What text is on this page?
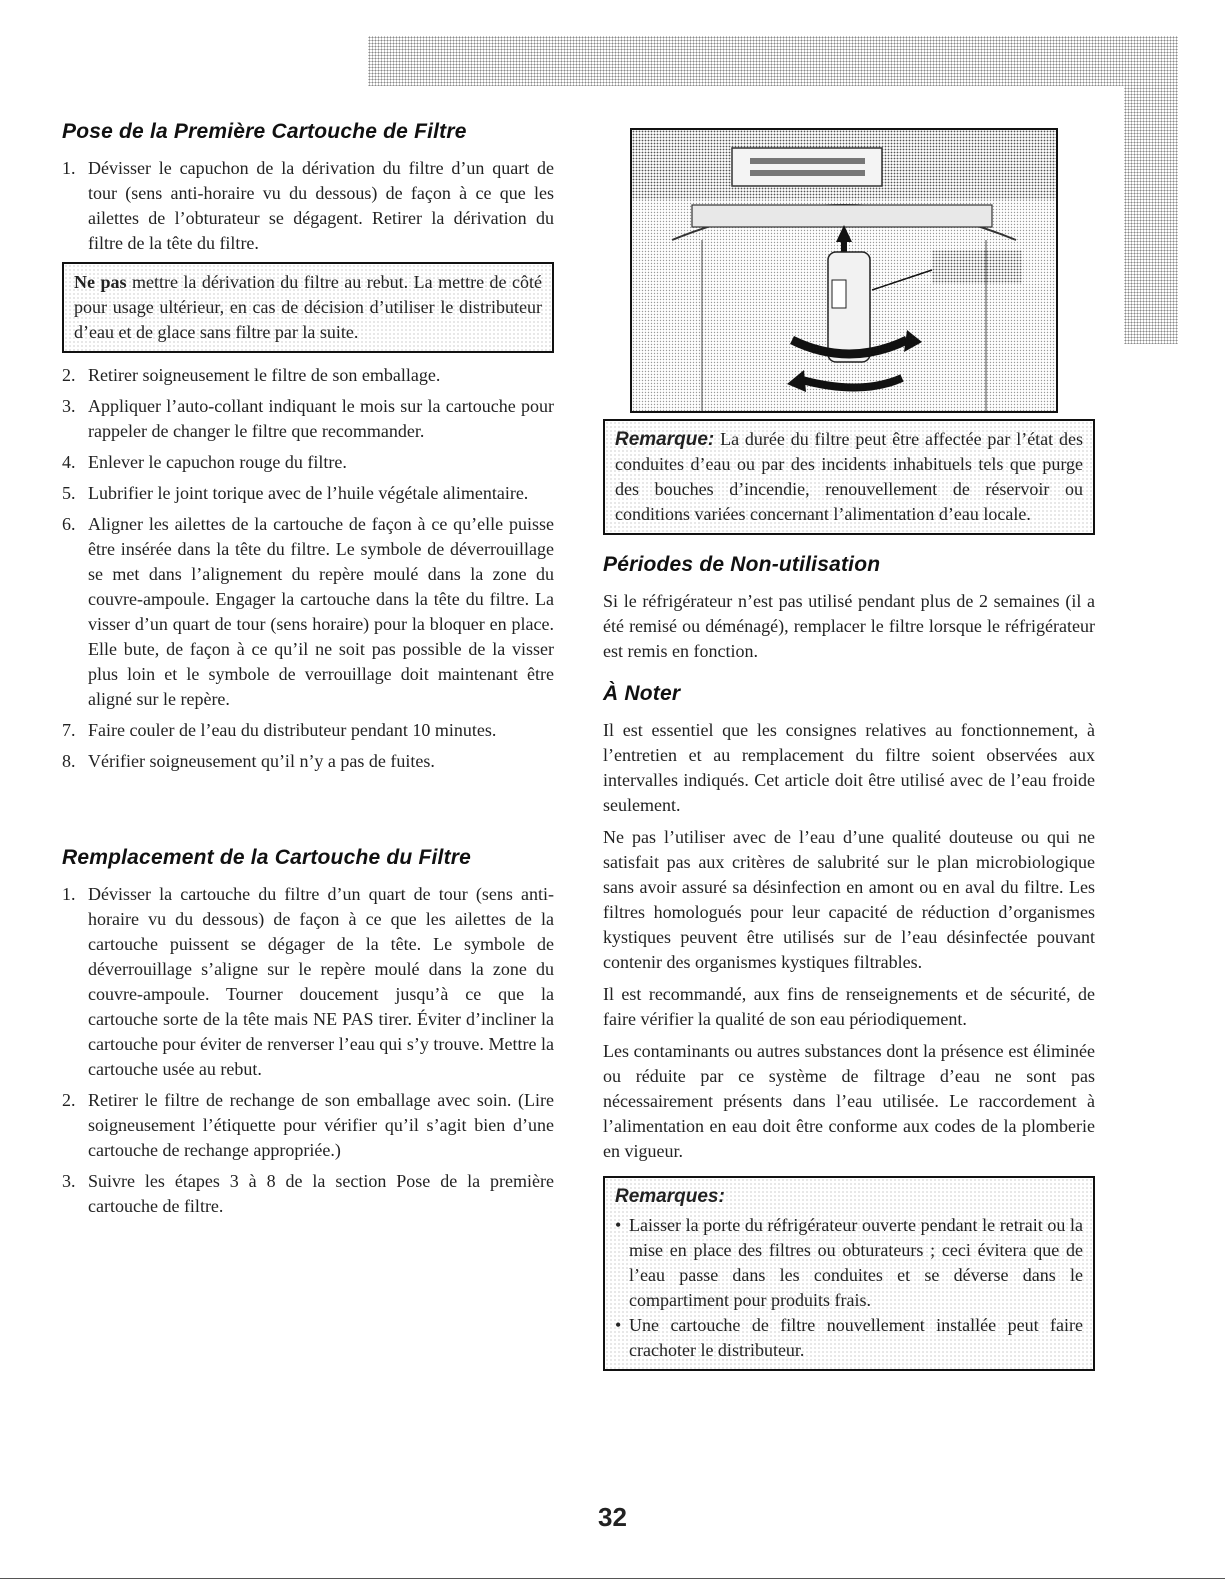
Pose de la Première Cartouche de Filtre
1. Dévisser le capuchon de la dérivation du filtre d’un quart de tour (sens anti-horaire vu du dessous) de façon à ce que les ailettes de l’obturateur se dégagent. Retirer la dérivation du filtre de la tête du filtre.
Ne pas mettre la dérivation du filtre au rebut. La mettre de côté pour usage ultérieur, en cas de décision d’utiliser le distributeur d’eau et de glace sans filtre par la suite.
2. Retirer soigneusement le filtre de son emballage.
3. Appliquer l’auto-collant indiquant le mois sur la cartouche pour rappeler de changer le filtre que recommander.
4. Enlever le capuchon rouge du filtre.
5. Lubrifier le joint torique avec de l’huile végétale alimentaire.
6. Aligner les ailettes de la cartouche de façon à ce qu’elle puisse être insérée dans la tête du filtre. Le symbole de déverrouillage se met dans l’alignement du repère moulé dans la zone du couvre-ampoule. Engager la cartouche dans la tête du filtre. La visser d’un quart de tour (sens horaire) pour la bloquer en place. Elle bute, de façon à ce qu’il ne soit pas possible de la visser plus loin et le symbole de verrouillage doit maintenant être aligné sur le repère.
7. Faire couler de l’eau du distributeur pendant 10 minutes.
8. Vérifier soigneusement qu’il n’y a pas de fuites.
Remplacement de la Cartouche du Filtre
1. Dévisser la cartouche du filtre d’un quart de tour (sens anti-horaire vu du dessous) de façon à ce que les ailettes de la cartouche puissent se dégager de la tête. Le symbole de déverrouillage s’aligne sur le repère moulé dans la zone du couvre-ampoule. Tourner doucement jusqu’à ce que la cartouche sorte de la tête mais NE PAS tirer. Éviter d’incliner la cartouche pour éviter de renverser l’eau qui s’y trouve. Mettre la cartouche usée au rebut.
2. Retirer le filtre de rechange de son emballage avec soin. (Lire soigneusement l’étiquette pour vérifier qu’il s’agit bien d’une cartouche de rechange appropriée.)
3. Suivre les étapes 3 à 8 de la section Pose de la première cartouche de filtre.
Remarque: La durée du filtre peut être affectée par l’état des conduites d’eau ou par des incidents inhabituels tels que purge des bouches d’incendie, renouvellement de réservoir ou conditions variées concernant l’alimentation d’eau locale.
Périodes de Non-utilisation

Si le réfrigérateur n’est pas utilisé pendant plus de 2 semaines (il a été remisé ou déménagé), remplacer le filtre lorsque le réfrigérateur est remis en fonction.

À Noter

Il est essentiel que les consignes relatives au fonctionnement, à l’entretien et au remplacement du filtre soient observées aux intervalles indiqués. Cet article doit être utilisé avec de l’eau froide seulement.

Ne pas l’utiliser avec de l’eau d’une qualité douteuse ou qui ne satisfait pas aux critères de salubrité sur le plan microbiologique sans avoir assuré sa désinfection en amont ou en aval du filtre. Les filtres homologués pour leur capacité de réduction d’organismes kystiques peuvent être utilisés sur de l’eau désinfectée pouvant contenir des organismes kystiques filtrables.

Il est recommandé, aux fins de renseignements et de sécurité, de faire vérifier la qualité de son eau périodiquement.

Les contaminants ou autres substances dont la présence est éliminée ou réduite par ce système de filtrage d’eau ne sont pas nécessairement présents dans l’eau utilisée. Le raccordement à l’alimentation en eau doit être conforme aux codes de la plomberie en vigueur.

Remarques:
• Laisser la porte du réfrigérateur ouverte pendant le retrait ou la mise en place des filtres ou obturateurs ; ceci évitera que de l’eau passe dans les conduites et se déverse dans le compartiment pour produits frais.
• Une cartouche de filtre nouvellement installée peut faire crachoter le distributeur.
32
